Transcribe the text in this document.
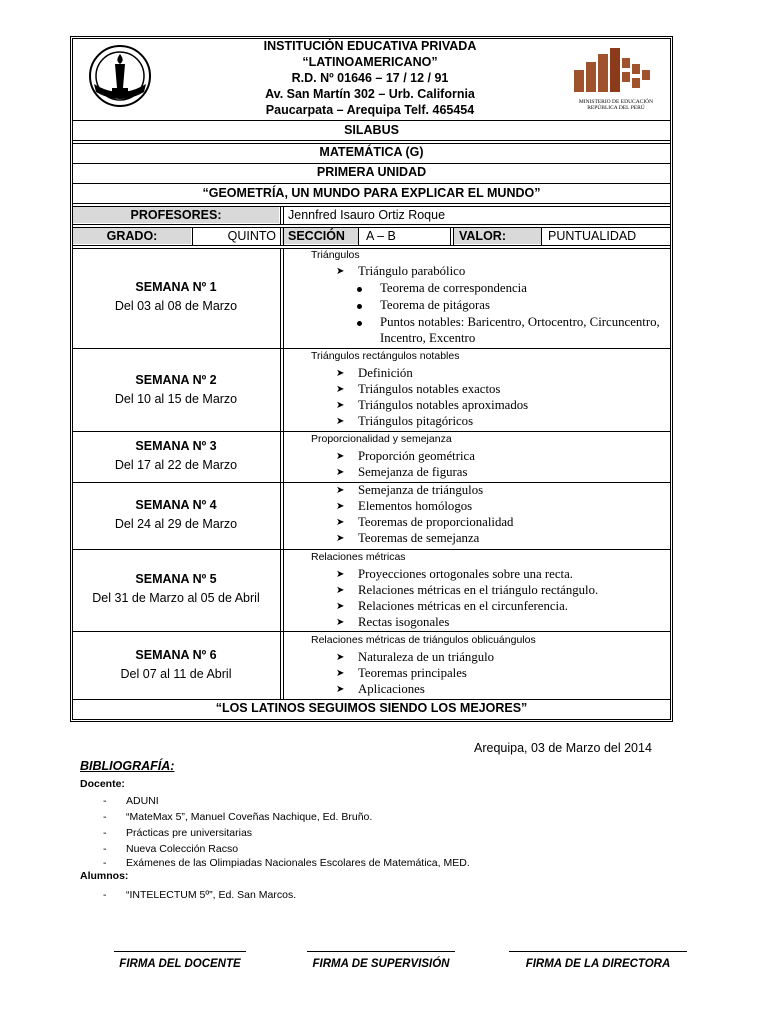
INSTITUCIÓN EDUCATIVA PRIVADA
“LATINOAMERICANO”
R.D. Nº 01646 – 17 / 12 / 91
Av. San Martín 302 – Urb. California
Paucarpata – Arequipa Telf. 465454
MINISTERIO DE EDUCACIÓN
REPÚBLICA DEL PERÚ
SILABUS
MATEMÁTICA (G)
PRIMERA UNIDAD
“GEOMETRÍA, UN MUNDO PARA EXPLICAR EL MUNDO”
PROFESORES:	Jennfred Isauro Ortiz Roque
GRADO:	QUINTO SECCIÓN A – B	VALOR:	PUNTUALIDAD
SEMANA Nº 1
Del 03 al 08 de Marzo
Triángulos
➤ Triángulo parabólico
Teorema de correspondencia
Teorema de pitágoras
Puntos notables: Baricentro, Ortocentro, Circuncentro,
Incentro, Excentro
SEMANA Nº 2
Del 10 al 15 de Marzo
Triángulos rectángulos notables
➤ Definición
➤ Triángulos notables exactos
➤ Triángulos notables aproximados
➤ Triángulos pitagóricos
SEMANA Nº 3
Del 17 al 22 de Marzo
Proporcionalidad y semejanza
➤ Proporción geométrica
➤ Semejanza de figuras
SEMANA Nº 4
Del 24 al 29 de Marzo
➤ Semejanza de triángulos
➤ Elementos homólogos
➤ Teoremas de proporcionalidad
➤ Teoremas de semejanza
SEMANA Nº 5
Del 31 de Marzo al 05 de Abril
Relaciones métricas
➤ Proyecciones ortogonales sobre una recta.
➤ Relaciones métricas en el triángulo rectángulo.
➤ Relaciones métricas en el circunferencia.
➤ Rectas isogonales
SEMANA Nº 6
Del 07 al 11 de Abril
Relaciones métricas de triángulos oblicuángulos
➤ Naturaleza de un triángulo
➤ Teoremas principales
➤ Aplicaciones
“LOS LATINOS SEGUIMOS SIENDO LOS MEJORES”
Arequipa, 03 de Marzo del 2014
BIBLIOGRAFÍA:
Docente:
- ADUNI
- “MateMax 5”, Manuel Coveñas Nachique, Ed. Bruño.
- Prácticas pre universitarias
- Nueva Colección Racso
- Exámenes de las Olimpiadas Nacionales Escolares de Matemática, MED.
Alumnos:
- “INTELECTUM 5º”, Ed. San Marcos.
FIRMA DEL DOCENTE	FIRMA DE SUPERVISIÓN	FIRMA DE LA DIRECTORA
